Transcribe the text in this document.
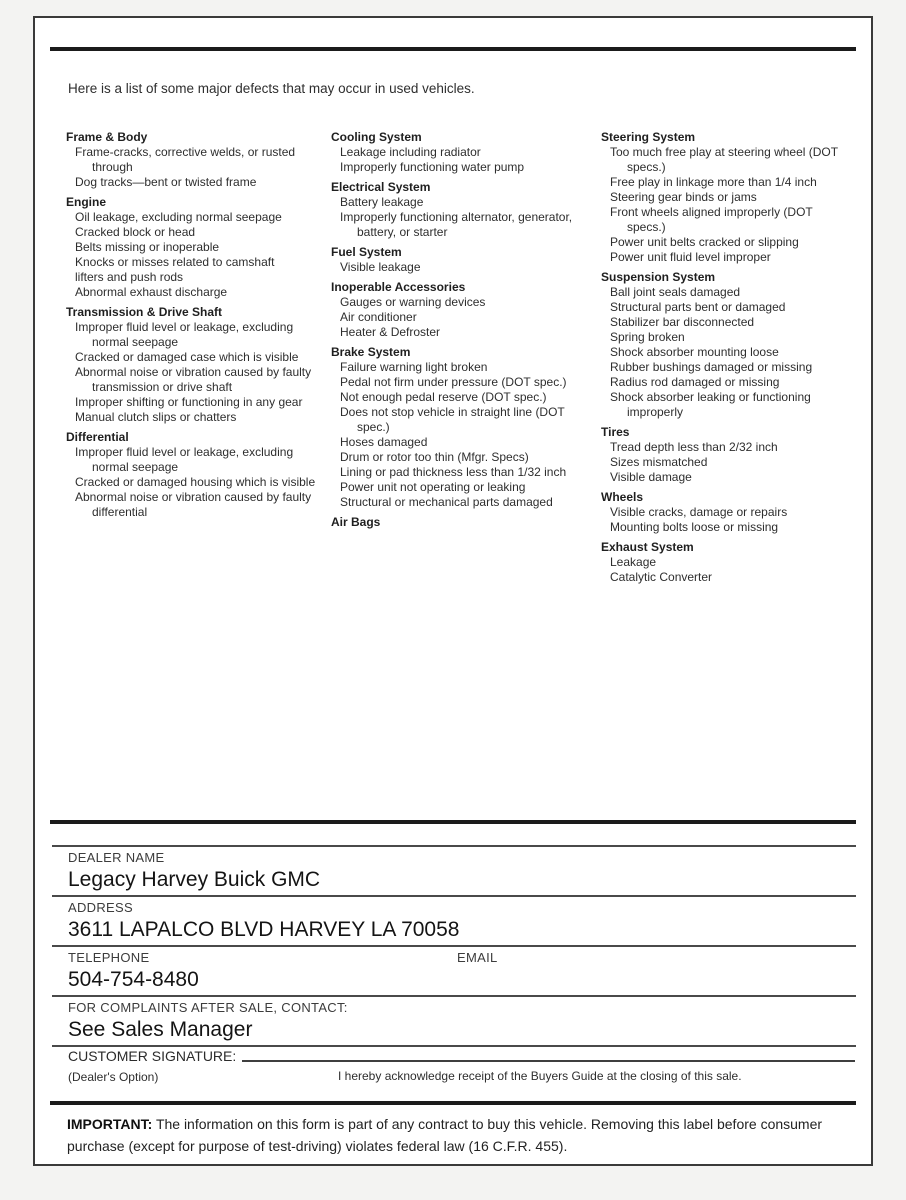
Here is a list of some major defects that may occur in used vehicles.
Frame & Body
Frame-cracks, corrective welds, or rusted through
Dog tracks—bent or twisted frame
Engine
Oil leakage, excluding normal seepage
Cracked block or head
Belts missing or inoperable
Knocks or misses related to camshaft
lifters and push rods
Abnormal exhaust discharge
Transmission & Drive Shaft
Improper fluid level or leakage, excluding normal seepage
Cracked or damaged case which is visible
Abnormal noise or vibration caused by faulty transmission or drive shaft
Improper shifting or functioning in any gear
Manual clutch slips or chatters
Differential
Improper fluid level or leakage, excluding normal seepage
Cracked or damaged housing which is visible
Abnormal noise or vibration caused by faulty differential
Cooling System
Leakage including radiator
Improperly functioning water pump
Electrical System
Battery leakage
Improperly functioning alternator, generator, battery, or starter
Fuel System
Visible leakage
Inoperable Accessories
Gauges or warning devices
Air conditioner
Heater & Defroster
Brake System
Failure warning light broken
Pedal not firm under pressure (DOT spec.)
Not enough pedal reserve (DOT spec.)
Does not stop vehicle in straight line (DOT spec.)
Hoses damaged
Drum or rotor too thin (Mfgr. Specs)
Lining or pad thickness less than 1/32 inch
Power unit not operating or leaking
Structural or mechanical parts damaged
Air Bags
Steering System
Too much free play at steering wheel (DOT specs.)
Free play in linkage more than 1/4 inch
Steering gear binds or jams
Front wheels aligned improperly (DOT specs.)
Power unit belts cracked or slipping
Power unit fluid level improper
Suspension System
Ball joint seals damaged
Structural parts bent or damaged
Stabilizer bar disconnected
Spring broken
Shock absorber mounting loose
Rubber bushings damaged or missing
Radius rod damaged or missing
Shock absorber leaking or functioning improperly
Tires
Tread depth less than 2/32 inch
Sizes mismatched
Visible damage
Wheels
Visible cracks, damage or repairs
Mounting bolts loose or missing
Exhaust System
Leakage
Catalytic Converter
DEALER NAME
Legacy Harvey Buick GMC
ADDRESS
3611 LAPALCO BLVD HARVEY LA 70058
TELEPHONE	EMAIL
504-754-8480
FOR COMPLAINTS AFTER SALE, CONTACT:
See Sales Manager
CUSTOMER SIGNATURE:
(Dealer's Option)	I hereby acknowledge receipt of the Buyers Guide at the closing of this sale.
IMPORTANT: The information on this form is part of any contract to buy this vehicle. Removing this label before consumer purchase (except for purpose of test-driving) violates federal law (16 C.F.R. 455).
